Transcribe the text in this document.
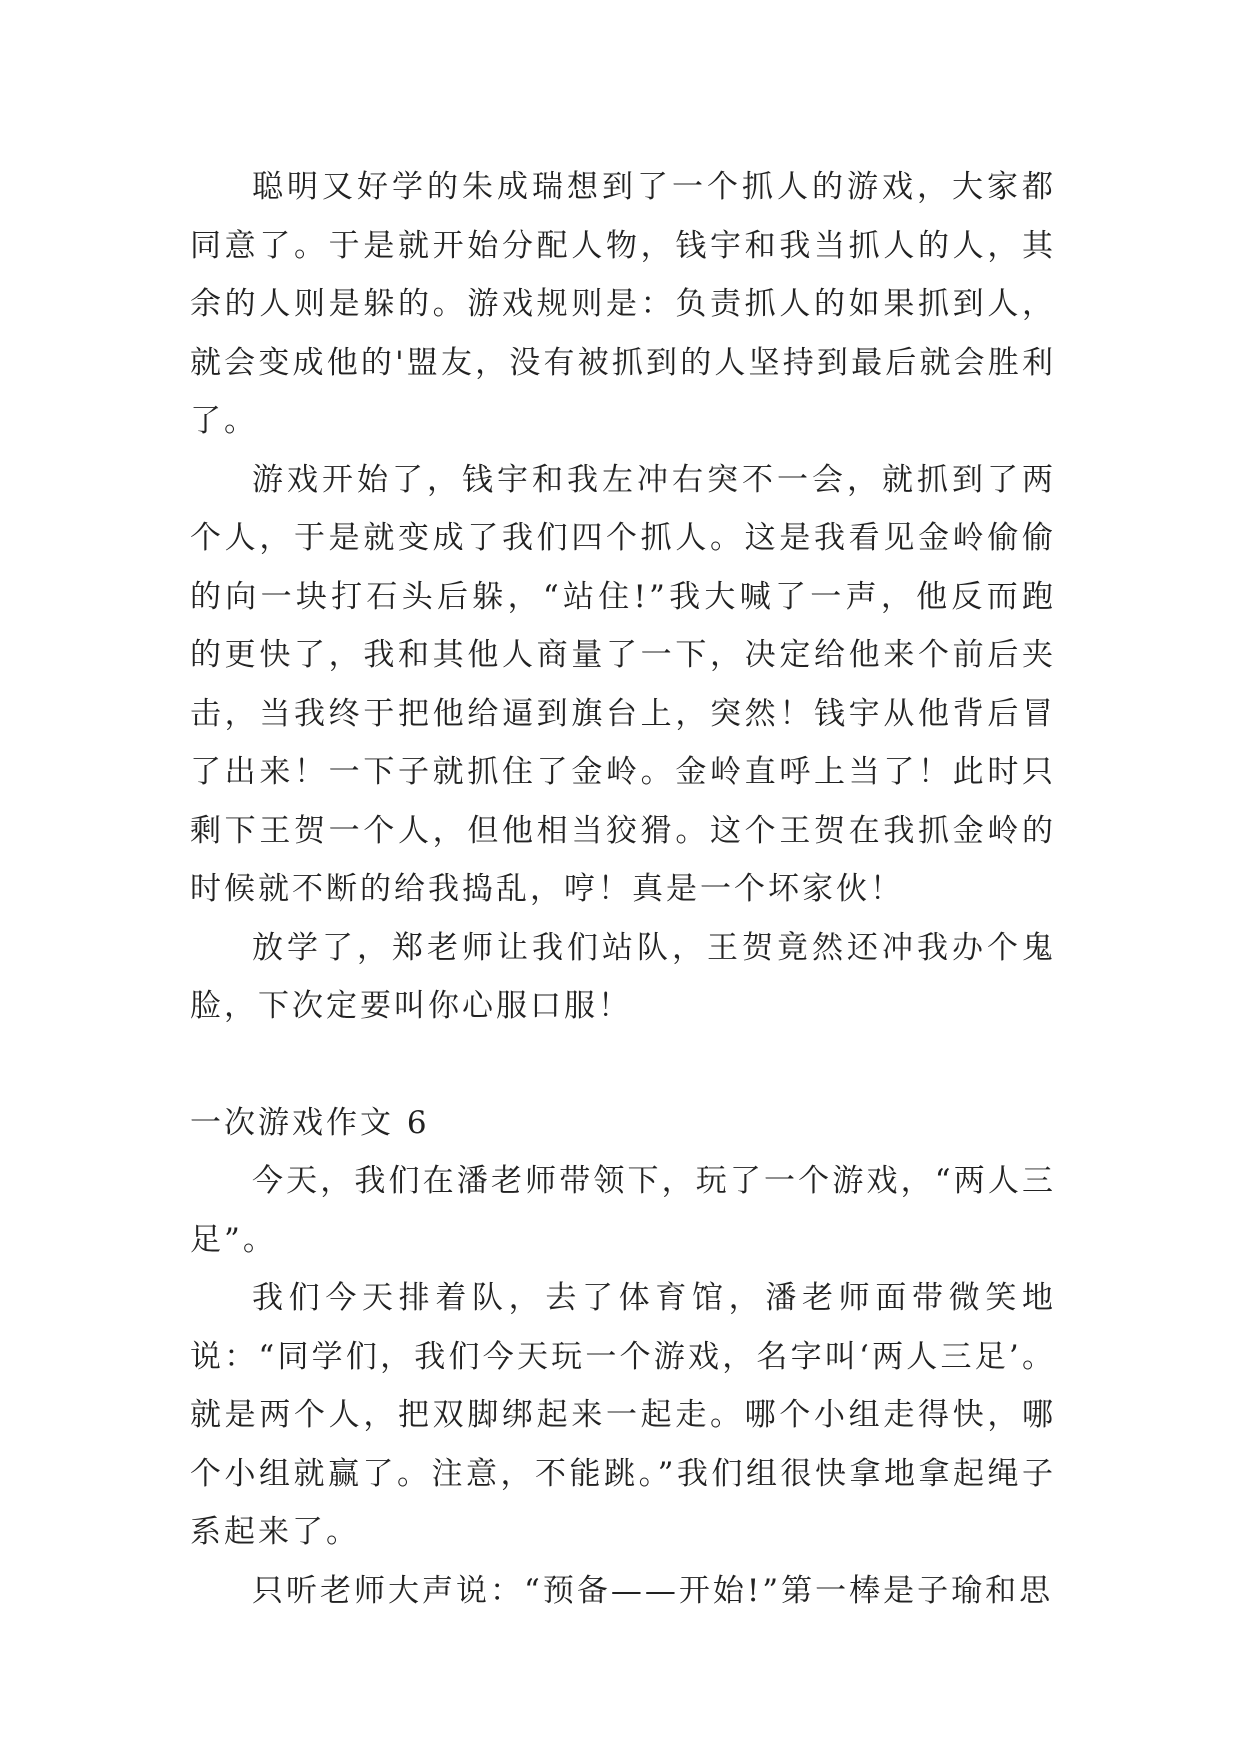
聪明又好学的朱成瑞想到了一个抓人的游戏，大家都同意了。于是就开始分配人物，钱宇和我当抓人的人，其余的人则是躲的。游戏规则是：负责抓人的如果抓到人，就会变成他的'盟友，没有被抓到的人坚持到最后就会胜利了。

游戏开始了，钱宇和我左冲右突不一会，就抓到了两个人，于是就变成了我们四个抓人。这是我看见金岭偷偷的向一块打石头后躲，“站住!”我大喊了一声，他反而跑的更快了，我和其他人商量了一下，决定给他来个前后夹击，当我终于把他给逼到旗台上，突然！钱宇从他背后冒了出来！一下子就抓住了金岭。金岭直呼上当了！此时只剩下王贺一个人，但他相当狡猾。这个王贺在我抓金岭的时候就不断的给我捣乱，哼！真是一个坏家伙！

放学了，郑老师让我们站队，王贺竟然还冲我办个鬼脸，下次定要叫你心服口服！

一次游戏作文 6

今天，我们在潘老师带领下，玩了一个游戏，“两人三足”。

我们今天排着队，去了体育馆，潘老师面带微笑地说：“同学们，我们今天玩一个游戏，名字叫‘两人三足’。就是两个人，把双脚绑起来一起走。哪个小组走得快，哪个小组就赢了。注意，不能跳。”我们组很快拿地拿起绳子系起来了。

只听老师大声说：“预备——开始!”第一棒是子瑜和思
